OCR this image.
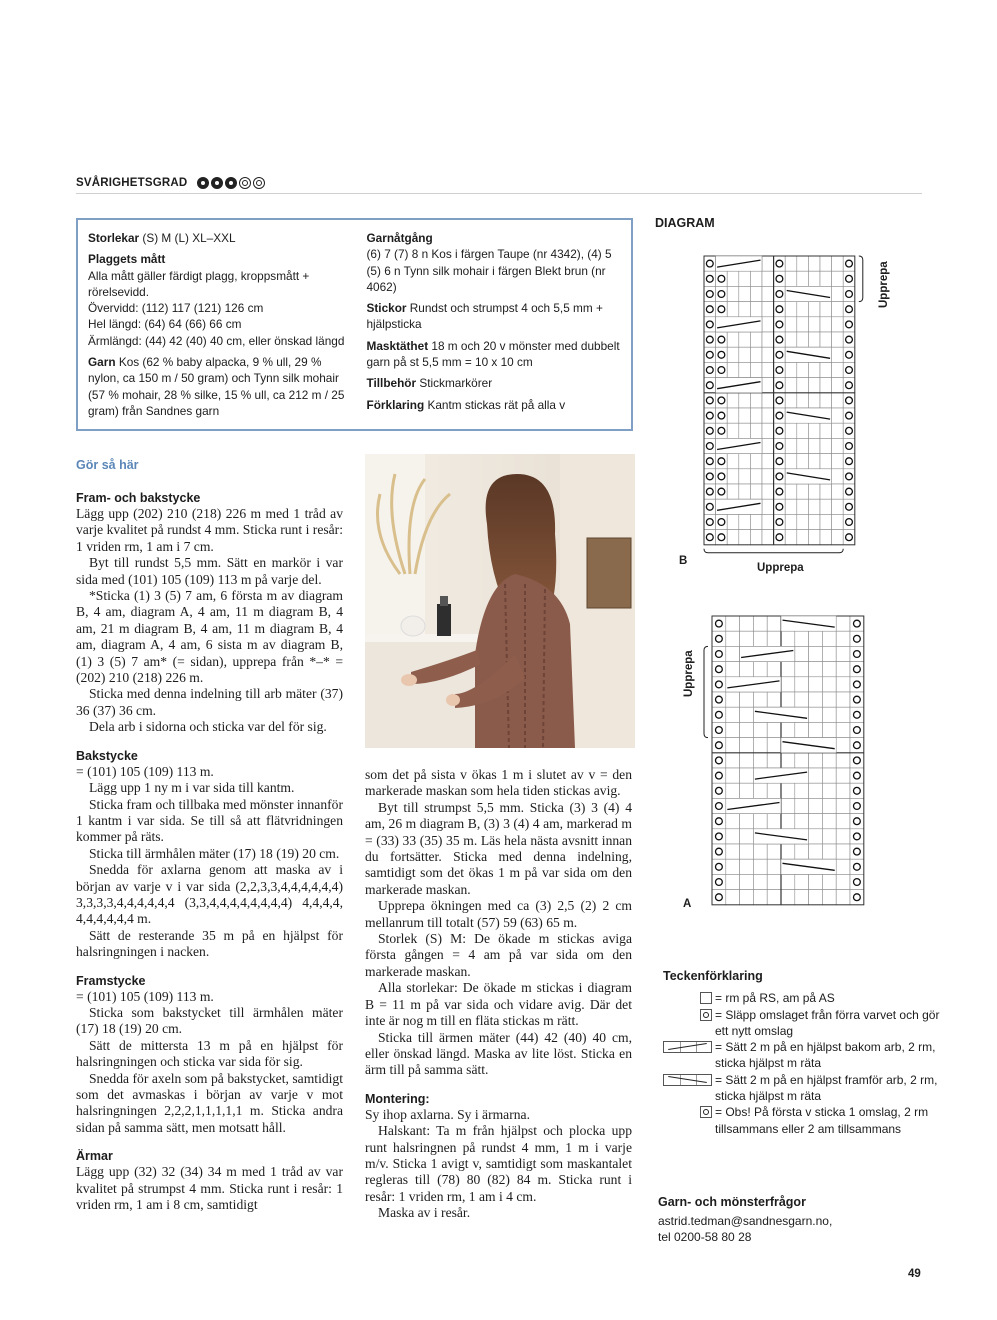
SVÅRIGHETSGRAD

Storlekar (S) M (L) XL–XXL

Plaggets mått

Alla mått gäller färdigt plagg, kroppsmått + rörelsevidd.

Övervidd: (112) 117 (121) 126 cm

Hel längd: (64) 64 (66) 66 cm

Ärmlängd: (44) 42 (40) 40 cm, eller önskad längd

Garn Kos (62 % baby alpacka, 9 % ull, 29 % nylon, ca 150 m / 50 gram) och Tynn silk mohair (57 % mohair, 28 % silke, 15 % ull, ca 212 m / 25 gram) från Sandnes garn

Garnåtgång

(6) 7 (7) 8 n Kos i färgen Taupe (nr 4342), (4) 5 (5) 6 n Tynn silk mohair i färgen Blekt brun (nr 4062)

Stickor Rundst och strumpst 4 och 5,5 mm + hjälpsticka

Masktäthet 18 m och 20 v mönster med dubbelt garn på st 5,5 mm = 10 x 10 cm

Tillbehör Stickmarkörer

Förklaring Kantm stickas rät på alla v

Gör så här
Fram- och bakstycke

Lägg upp (202) 210 (218) 226 m med 1 tråd av varje kvalitet på rundst 4 mm. Sticka runt i resår: 1 vriden rm, 1 am i 7 cm.

Byt till rundst 5,5 mm. Sätt en markör i var sida med (101) 105 (109) 113 m på varje del.

*Sticka (1) 3 (5) 7 am, 6 första m av diagram B, 4 am, diagram A, 4 am, 11 m diagram B, 4 am, 21 m diagram B, 4 am, 11 m diagram B, 4 am, diagram A, 4 am, 6 sista m av diagram B, (1) 3 (5) 7 am* (= sidan), upprepa från *–* = (202) 210 (218) 226 m.

Sticka med denna indelning till arb mäter (37) 36 (37) 36 cm.

Dela arb i sidorna och sticka var del för sig.

Bakstycke

= (101) 105 (109) 113 m.

Lägg upp 1 ny m i var sida till kantm.

Sticka fram och tillbaka med mönster innanför 1 kantm i var sida. Se till så att flätvridningen kommer på räts.

Sticka till ärmhålen mäter (17) 18 (19) 20 cm.

Snedda för axlarna genom att maska av i början av varje v i var sida (2,2,3,3,4,4,4,4,4,4) 3,3,3,3,4,4,4,4,4,4 (3,3,4,4,4,4,4,4,4,4) 4,4,4,4, 4,4,4,4,4,4 m.

Sätt de resterande 35 m på en hjälpst för halsringningen i nacken.

Framstycke

= (101) 105 (109) 113 m.

Sticka som bakstycket till ärmhålen mäter (17) 18 (19) 20 cm.

Sätt de mittersta 13 m på en hjälpst för halsringningen och sticka var sida för sig.

Snedda för axeln som på bakstycket, samtidigt som det avmaskas i början av varje v mot halsringningen 2,2,2,1,1,1,1,1 m. Sticka andra sidan på samma sätt, men motsatt håll.

Ärmar

Lägg upp (32) 32 (34) 34 m med 1 tråd av var kvalitet på strumpst 4 mm. Sticka runt i resår: 1 vriden rm, 1 am i 8 cm, samtidigt

som det på sista v ökas 1 m i slutet av v = den markerade maskan som hela tiden stickas avig.

Byt till strumpst 5,5 mm. Sticka (3) 3 (4) 4 am, 26 m diagram B, (3) 3 (4) 4 am, markerad m = (33) 33 (35) 35 m. Läs hela nästa avsnitt innan du fortsätter. Sticka med denna indelning, samtidigt som det ökas 1 m på var sida om den markerade maskan.

Upprepa ökningen med ca (3) 2,5 (2) 2 cm mellanrum till totalt (57) 59 (63) 65 m.

Storlek (S) M: De ökade m stickas aviga första gången = 4 am på var sida om den markerade maskan.

Alla storlekar: De ökade m stickas i diagram B = 11 m på var sida och vidare avig. Där det inte är nog m till en fläta stickas m rätt.

Sticka till ärmen mäter (44) 42 (40) 40 cm, eller önskad längd. Maska av lite löst. Sticka en ärm till på samma sätt.

Montering:

Sy ihop axlarna. Sy i ärmarna.

Halskant: Ta m från hjälpst och plocka upp runt halsringnen på rundst 4 mm, 1 m i varje m/v. Sticka 1 avigt v, samtidigt som maskantalet regleras till (78) 80 (82) 84 m. Sticka runt i resår: 1 vriden rm, 1 am i 4 cm.

Maska av i resår.

DIAGRAM
B
Upprepa
Upprepa
A
Upprepa
Teckenförklaring
= rm på RS, am på AS
= Släpp omslaget från förra varvet och gör ett nytt omslag
= Sätt 2 m på en hjälpst bakom arb, 2 rm, sticka hjälpst m räta
= Sätt 2 m på en hjälpst framför arb, 2 rm, sticka hjälpst m räta
= Obs! På första v sticka 1 omslag, 2 rm tillsammans eller 2 am tillsammans
Garn- och mönsterfrågor
astrid.tedman@sandnesgarn.no,
tel 0200-58 80 28
49
